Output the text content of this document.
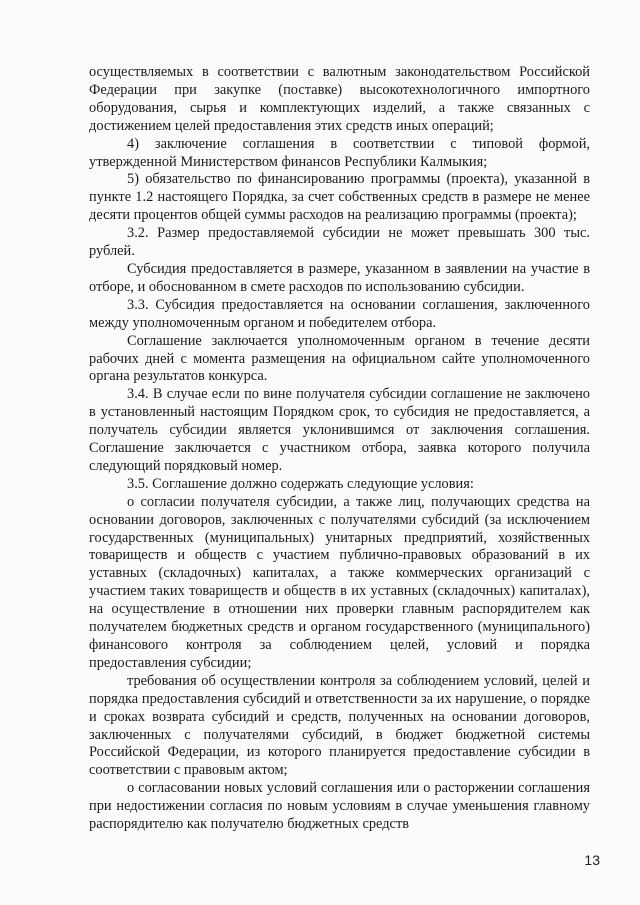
осуществляемых в соответствии с валютным законодательством Российской Федерации при закупке (поставке) высокотехнологичного импортного оборудования, сырья и комплектующих изделий, а также связанных с достижением целей предоставления этих средств иных операций;

4) заключение соглашения в соответствии с типовой формой, утвержденной Министерством финансов Республики Калмыкия;

5) обязательство по финансированию программы (проекта), указанной в пункте 1.2 настоящего Порядка, за счет собственных средств в размере не менее десяти процентов общей суммы расходов на реализацию программы (проекта);

3.2. Размер предоставляемой субсидии не может превышать 300 тыс. рублей.

Субсидия предоставляется в размере, указанном в заявлении на участие в отборе, и обоснованном в смете расходов по использованию субсидии.

3.3. Субсидия предоставляется на основании соглашения, заключенного между уполномоченным органом и победителем отбора.

Соглашение заключается уполномоченным органом в течение десяти рабочих дней с момента размещения на официальном сайте уполномоченного органа результатов конкурса.

3.4. В случае если по вине получателя субсидии соглашение не заключено в установленный настоящим Порядком срок, то субсидия не предоставляется, а получатель субсидии является уклонившимся от заключения соглашения. Соглашение заключается с участником отбора, заявка которого получила следующий порядковый номер.

3.5. Соглашение должно содержать следующие условия:

о согласии получателя субсидии, а также лиц, получающих средства на основании договоров, заключенных с получателями субсидий (за исключением государственных (муниципальных) унитарных предприятий, хозяйственных товариществ и обществ с участием публично-правовых образований в их уставных (складочных) капиталах, а также коммерческих организаций с участием таких товариществ и обществ в их уставных (складочных) капиталах), на осуществление в отношении них проверки главным распорядителем как получателем бюджетных средств и органом государственного (муниципального) финансового контроля за соблюдением целей, условий и порядка предоставления субсидии;

требования об осуществлении контроля за соблюдением условий, целей и порядка предоставления субсидий и ответственности за их нарушение, о порядке и сроках возврата субсидий и средств, полученных на основании договоров, заключенных с получателями субсидий, в бюджет бюджетной системы Российской Федерации, из которого планируется предоставление субсидии в соответствии с правовым актом;

о согласовании новых условий соглашения или о расторжении соглашения при недостижении согласия по новым условиям в случае уменьшения главному распорядителю как получателю бюджетных средств

13
